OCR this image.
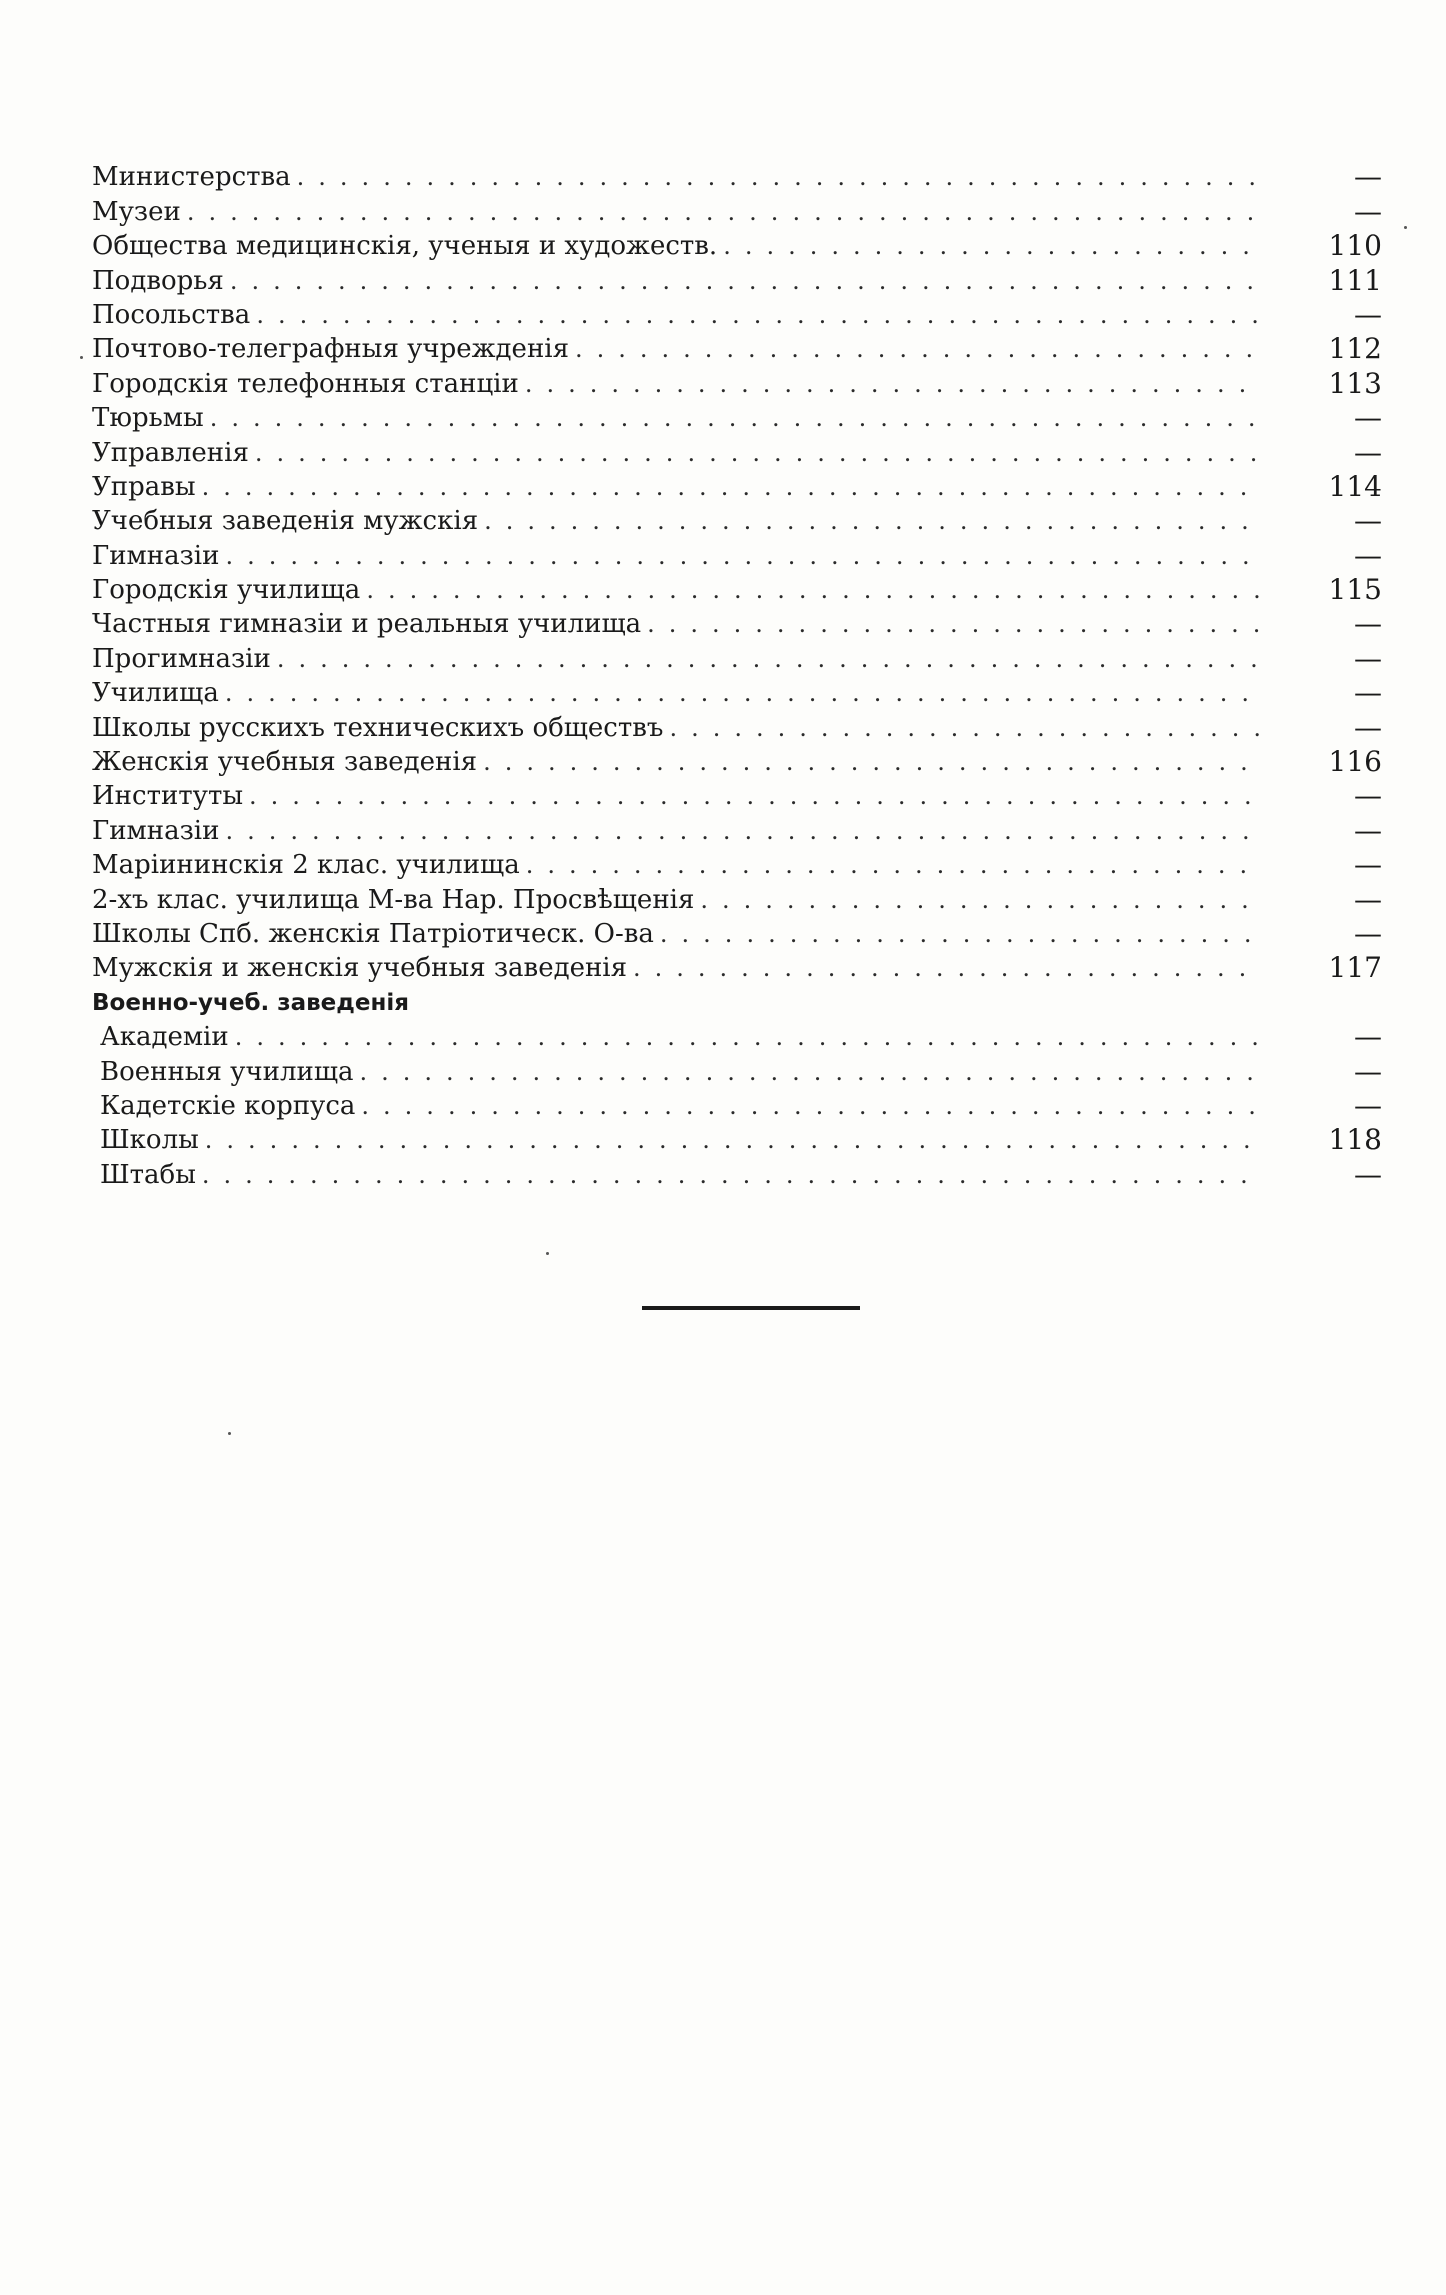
Министерства .....	—
Музеи .....	—
Общества медицинскія, ученыя и художеств. .....	110
Подворья .....	111
Посольства .....	—
Почтово-телеграфныя учрежденія .....	112
Городскія телефонныя станціи .....	113
Тюрьмы .....	—
Управленія .....	—
Управы .....	114
Учебныя заведенія мужскія .....	—
Гимназіи .....	—
Городскія училища .....	115
Частныя гимназіи и реальныя училища .....	—
Прогимназіи .....	—
Училища .....	—
Школы русскихъ техническихъ обществъ .....	—
Женскія учебныя заведенія .....	116
Институты .....	—
Гимназіи .....	—
Маріининскія 2 клас. училища .....	—
2-хъ клас. училища М-ва Нар. Просвѣщенія .....	—
Школы Спб. женскія Патріотическ. О-ва .....	—
Мужскія и женскія учебныя заведенія .....	117
Военно-учеб. заведенія
Академіи .....	—
Военныя училища .....	—
Кадетскіе корпуса .....	—
Школы .....	118
Штабы .....	—
